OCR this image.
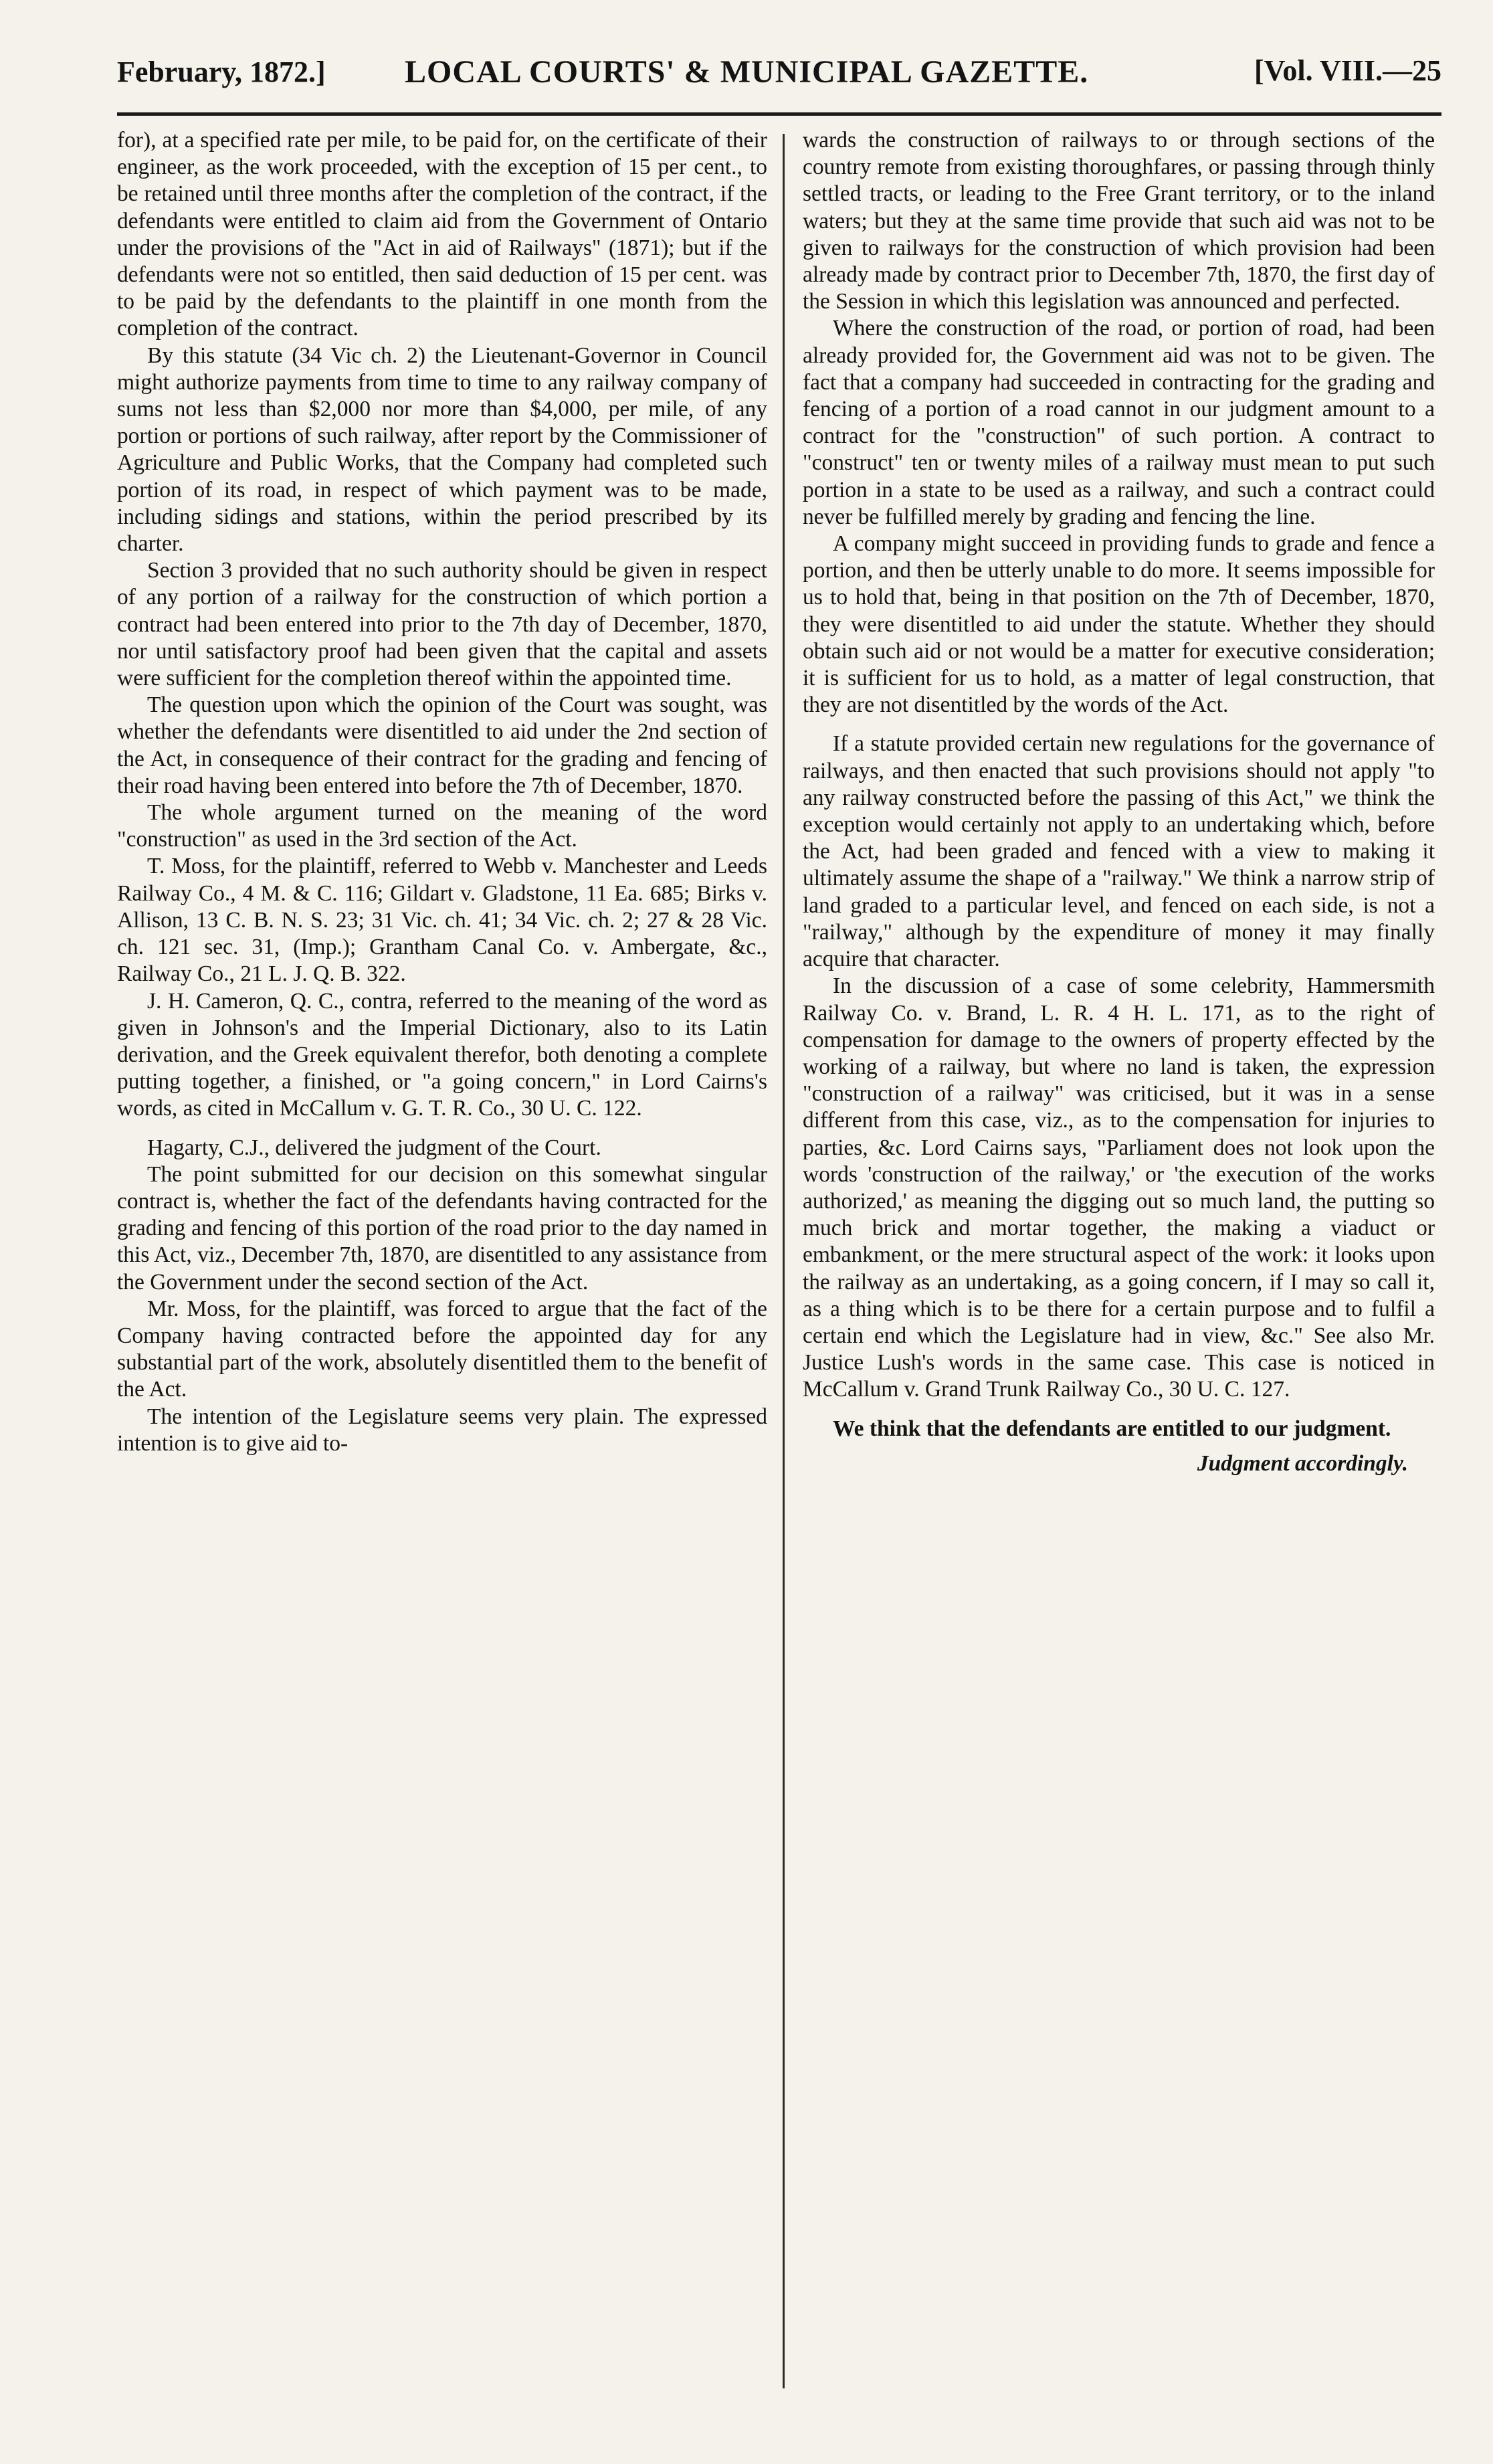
February, 1872.] LOCAL COURTS' & MUNICIPAL GAZETTE.	[Vol. VIII.—25

for), at a specified rate per mile, to be paid for, on the certificate of their engineer, as the work proceeded, with the exception of 15 per cent., to be retained until three months after the completion of the contract, if the defendants were entitled to claim aid from the Government of Ontario under the provisions of the "Act in aid of Railways" (1871); but if the defendants were not so entitled, then said deduction of 15 per cent. was to be paid by the defendants to the plaintiff in one month from the completion of the contract.

By this statute (34 Vic ch. 2) the Lieutenant-Governor in Council might authorize payments from time to time to any railway company of sums not less than $2,000 nor more than $4,000, per mile, of any portion or portions of such railway, after report by the Commissioner of Agriculture and Public Works, that the Company had completed such portion of its road, in respect of which payment was to be made, including sidings and stations, within the period prescribed by its charter.

Section 3 provided that no such authority should be given in respect of any portion of a railway for the construction of which portion a contract had been entered into prior to the 7th day of December, 1870, nor until satisfactory proof had been given that the capital and assets were sufficient for the completion thereof within the appointed time.

The question upon which the opinion of the Court was sought, was whether the defendants were disentitled to aid under the 2nd section of the Act, in consequence of their contract for the grading and fencing of their road having been entered into before the 7th of December, 1870.

The whole argument turned on the meaning of the word "construction" as used in the 3rd section of the Act.

T. Moss, for the plaintiff, referred to Webb v. Manchester and Leeds Railway Co., 4 M. & C. 116; Gildart v. Gladstone, 11 Ea. 685; Birks v. Allison, 13 C. B. N. S. 23; 31 Vic. ch. 41; 34 Vic. ch. 2; 27 & 28 Vic. ch. 121 sec. 31, (Imp.); Grantham Canal Co. v. Ambergate, &c., Railway Co., 21 L. J. Q. B. 322.

J. H. Cameron, Q. C., contra, referred to the meaning of the word as given in Johnson's and the Imperial Dictionary, also to its Latin derivation, and the Greek equivalent therefor, both denoting a complete putting together, a finished, or "a going concern," in Lord Cairns's words, as cited in McCallum v. G. T. R. Co., 30 U. C. 122.

Hagarty, C.J., delivered the judgment of the Court.

The point submitted for our decision on this somewhat singular contract is, whether the fact of the defendants having contracted for the grading and fencing of this portion of the road prior to the day named in this Act, viz., December 7th, 1870, are disentitled to any assistance from the Government under the second section of the Act.

Mr. Moss, for the plaintiff, was forced to argue that the fact of the Company having contracted before the appointed day for any substantial part of the work, absolutely disentitled them to the benefit of the Act.

The intention of the Legislature seems very plain. The expressed intention is to give aid to-

wards the construction of railways to or through sections of the country remote from existing thoroughfares, or passing through thinly settled tracts, or leading to the Free Grant territory, or to the inland waters; but they at the same time provide that such aid was not to be given to railways for the construction of which provision had been already made by contract prior to December 7th, 1870, the first day of the Session in which this legislation was announced and perfected.

Where the construction of the road, or portion of road, had been already provided for, the Government aid was not to be given. The fact that a company had succeeded in contracting for the grading and fencing of a portion of a road cannot in our judgment amount to a contract for the "construction" of such portion. A contract to "construct" ten or twenty miles of a railway must mean to put such portion in a state to be used as a railway, and such a contract could never be fulfilled merely by grading and fencing the line.

A company might succeed in providing funds to grade and fence a portion, and then be utterly unable to do more. It seems impossible for us to hold that, being in that position on the 7th of December, 1870, they were disentitled to aid under the statute. Whether they should obtain such aid or not would be a matter for executive consideration; it is sufficient for us to hold, as a matter of legal construction, that they are not disentitled by the words of the Act.

If a statute provided certain new regulations for the governance of railways, and then enacted that such provisions should not apply "to any railway constructed before the passing of this Act," we think the exception would certainly not apply to an undertaking which, before the Act, had been graded and fenced with a view to making it ultimately assume the shape of a "railway." We think a narrow strip of land graded to a particular level, and fenced on each side, is not a "railway," although by the expenditure of money it may finally acquire that character.

In the discussion of a case of some celebrity, Hammersmith Railway Co. v. Brand, L. R. 4 H. L. 171, as to the right of compensation for damage to the owners of property effected by the working of a railway, but where no land is taken, the expression "construction of a railway" was criticised, but it was in a sense different from this case, viz., as to the compensation for injuries to parties, &c. Lord Cairns says, "Parliament does not look upon the words 'construction of the railway,' or 'the execution of the works authorized,' as meaning the digging out so much land, the putting so much brick and mortar together, the making a viaduct or embankment, or the mere structural aspect of the work: it looks upon the railway as an undertaking, as a going concern, if I may so call it, as a thing which is to be there for a certain purpose and to fulfil a certain end which the Legislature had in view, &c." See also Mr. Justice Lush's words in the same case. This case is noticed in McCallum v. Grand Trunk Railway Co., 30 U. C. 127.

We think that the defendants are entitled to our judgment.

Judgment accordingly.
